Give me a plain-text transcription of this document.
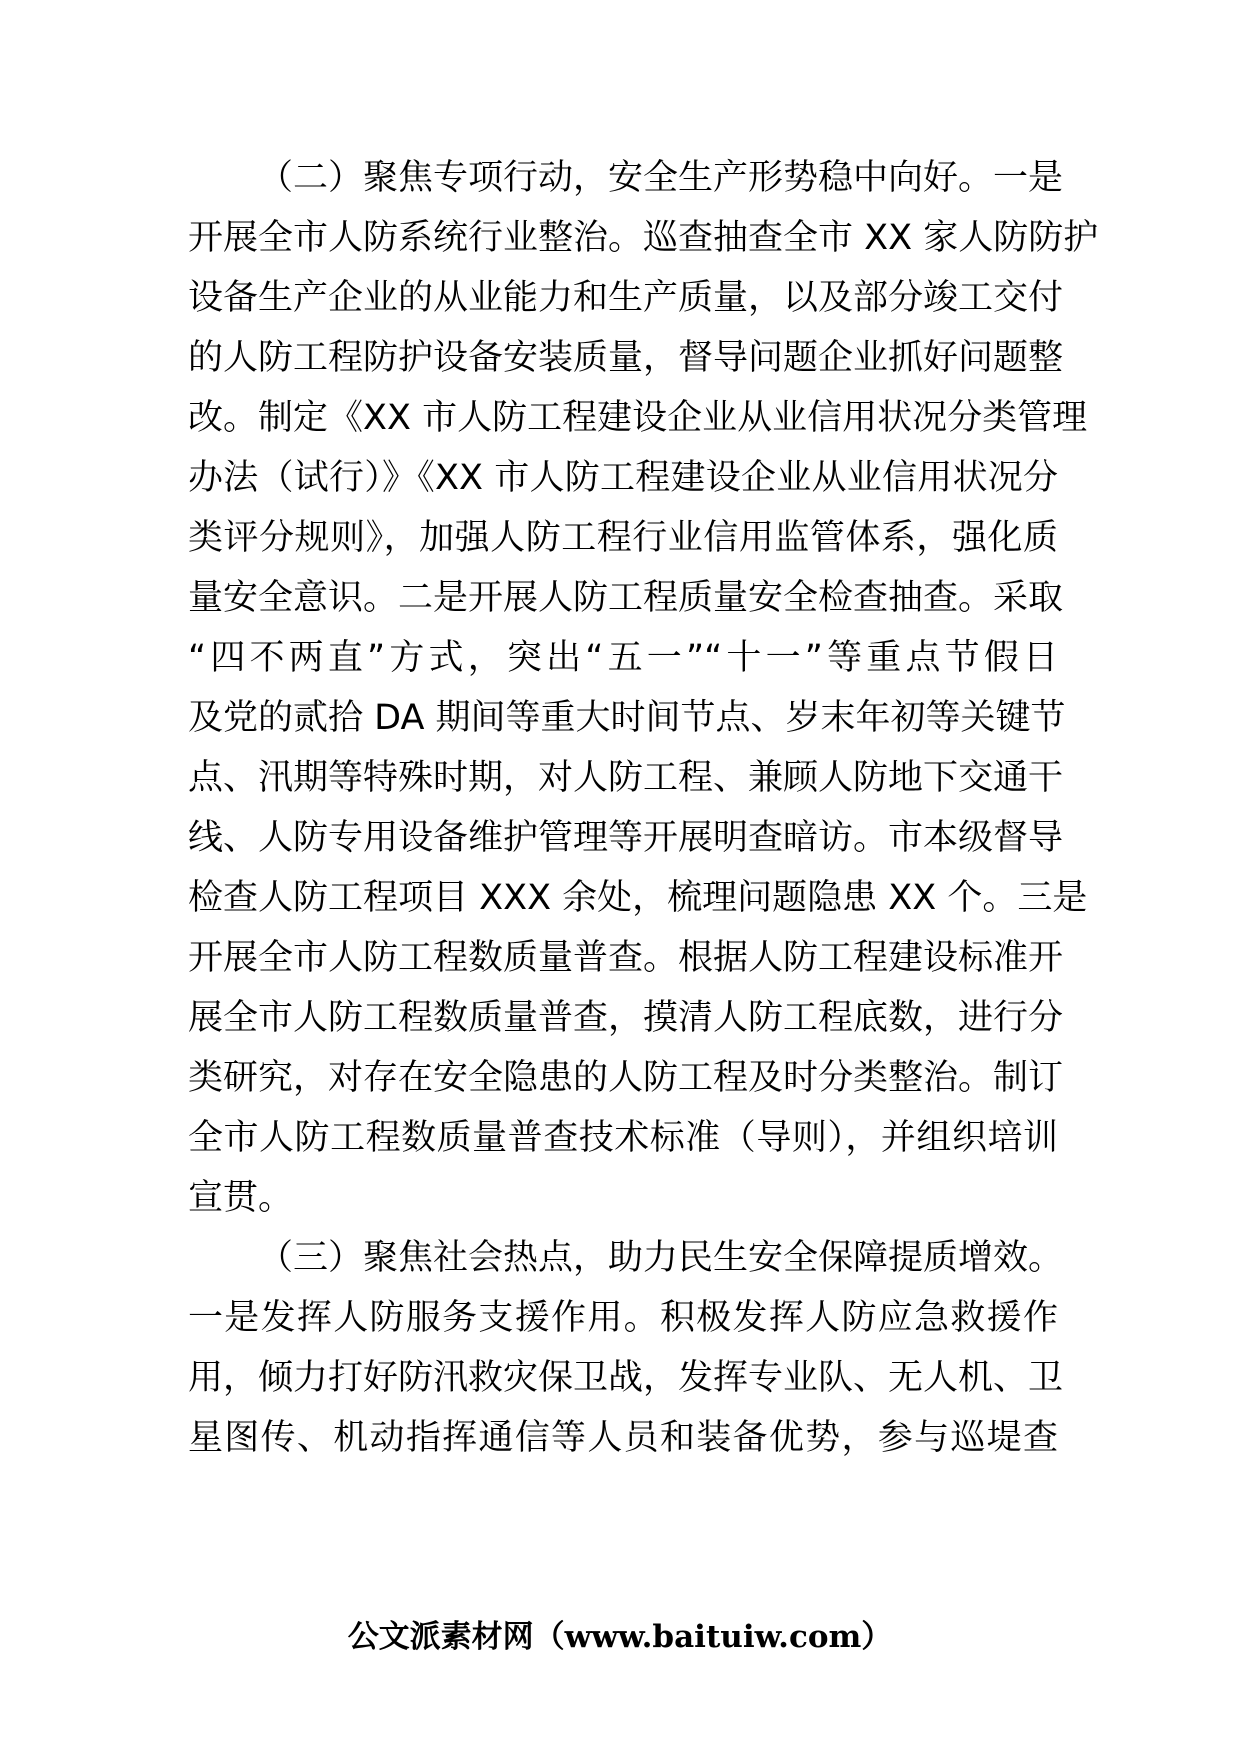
（二）聚焦专项行动，安全生产形势稳中向好。一是
开展全市人防系统行业整治。巡查抽查全市 XX 家人防防护
设备生产企业的从业能力和生产质量，以及部分竣工交付
的人防工程防护设备安装质量，督导问题企业抓好问题整
改。制定《XX 市人防工程建设企业从业信用状况分类管理
办法（试行）》《XX 市人防工程建设企业从业信用状况分
类评分规则》，加强人防工程行业信用监管体系，强化质
量安全意识。二是开展人防工程质量安全检查抽查。采取
“四不两直”方式，突出“五一”“十一”等重点节假日
及党的贰拾 DA 期间等重大时间节点、岁末年初等关键节
点、汛期等特殊时期，对人防工程、兼顾人防地下交通干
线、人防专用设备维护管理等开展明查暗访。市本级督导
检查人防工程项目 XXX 余处，梳理问题隐患 XX 个。三是
开展全市人防工程数质量普查。根据人防工程建设标准开
展全市人防工程数质量普查，摸清人防工程底数，进行分
类研究，对存在安全隐患的人防工程及时分类整治。制订
全市人防工程数质量普查技术标准（导则），并组织培训
宣贯。
（三）聚焦社会热点，助力民生安全保障提质增效。
一是发挥人防服务支援作用。积极发挥人防应急救援作
用，倾力打好防汛救灾保卫战，发挥专业队、无人机、卫
星图传、机动指挥通信等人员和装备优势，参与巡堤查
公文派素材网（www.baituiw.com）
